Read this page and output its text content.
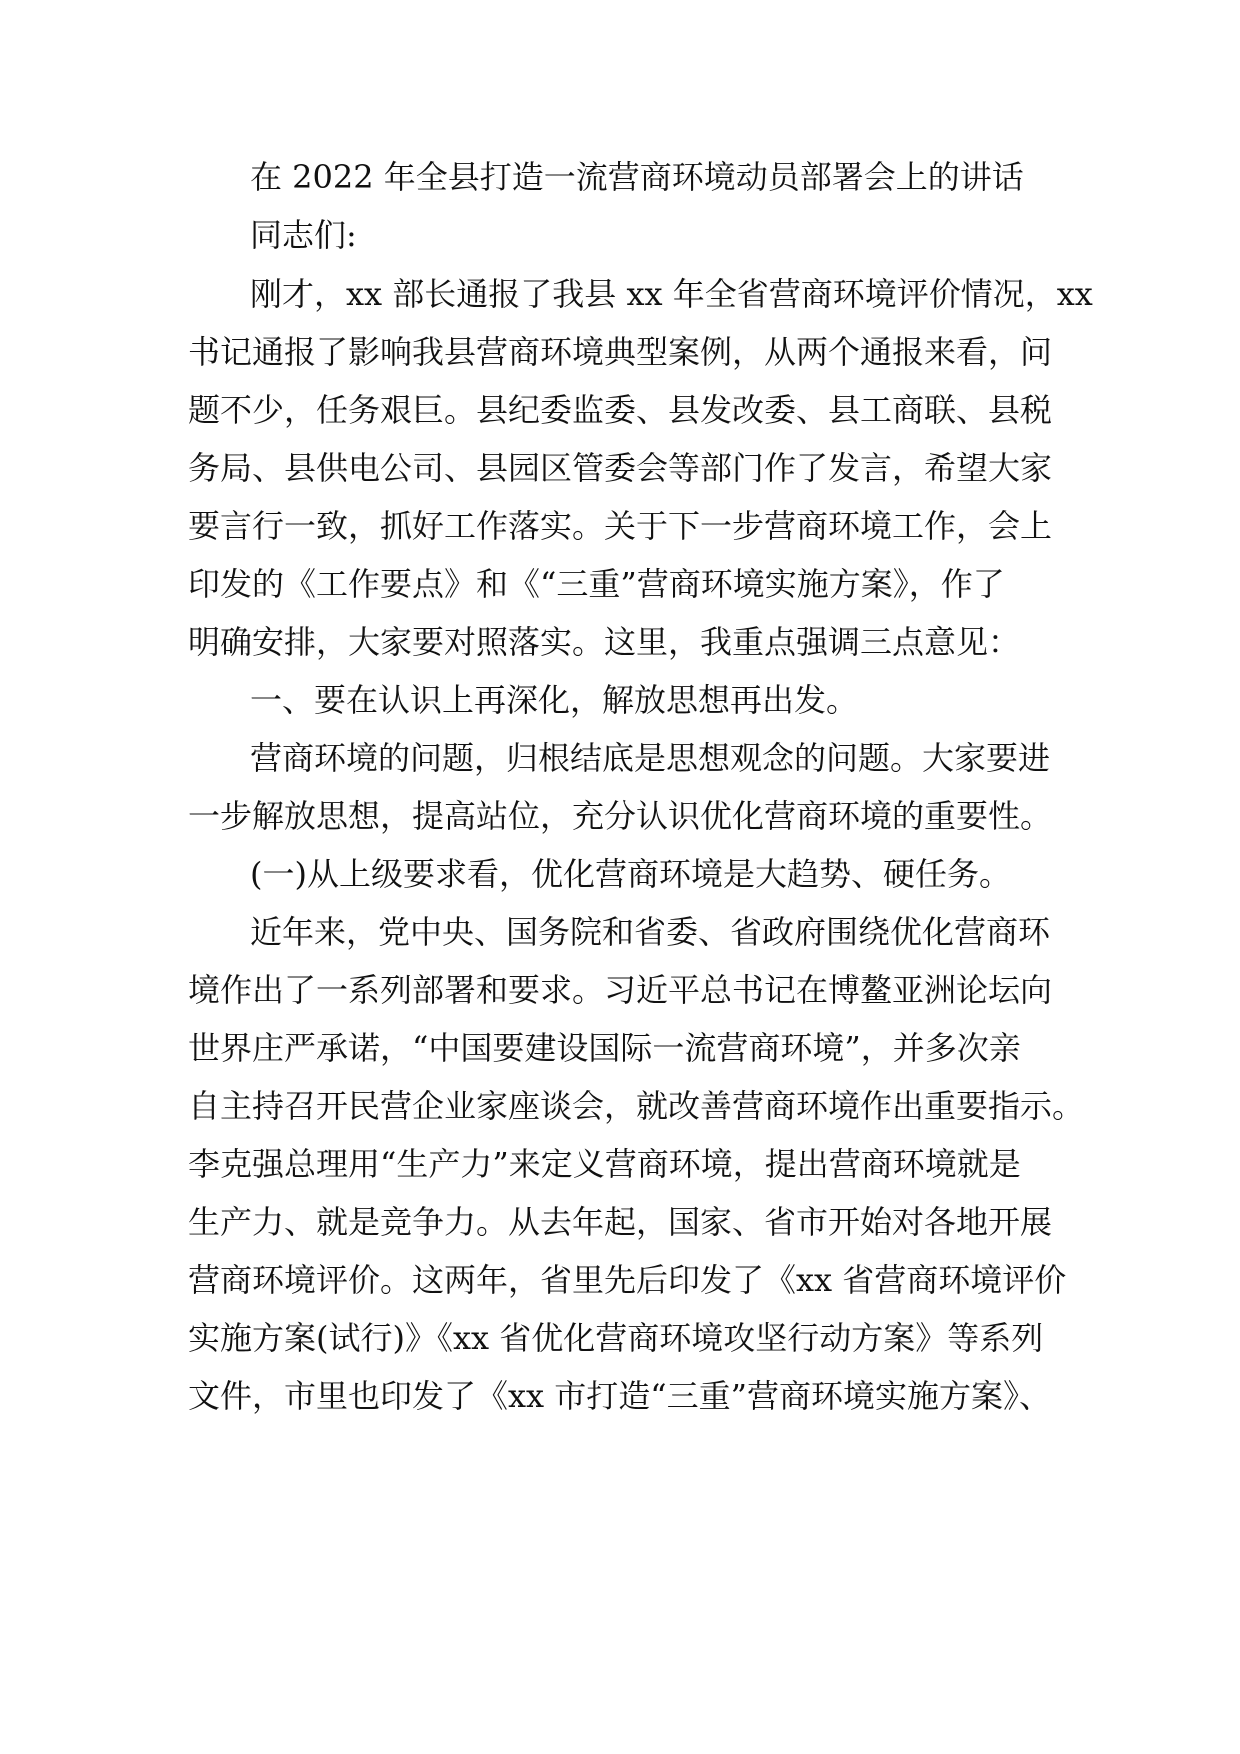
在 2022 年全县打造一流营商环境动员部署会上的讲话
同志们:
刚才，xx 部长通报了我县 xx 年全省营商环境评价情况，xx
书记通报了影响我县营商环境典型案例，从两个通报来看，问
题不少，任务艰巨。县纪委监委、县发改委、县工商联、县税
务局、县供电公司、县园区管委会等部门作了发言，希望大家
要言行一致，抓好工作落实。关于下一步营商环境工作，会上
印发的《工作要点》和《“三重”营商环境实施方案》，作了
明确安排，大家要对照落实。这里，我重点强调三点意见：
一、要在认识上再深化，解放思想再出发。
营商环境的问题，归根结底是思想观念的问题。大家要进
一步解放思想，提高站位，充分认识优化营商环境的重要性。
(一)从上级要求看，优化营商环境是大趋势、硬任务。
近年来，党中央、国务院和省委、省政府围绕优化营商环
境作出了一系列部署和要求。习近平总书记在博鳌亚洲论坛向
世界庄严承诺，“中国要建设国际一流营商环境”，并多次亲
自主持召开民营企业家座谈会，就改善营商环境作出重要指示。
李克强总理用“生产力”来定义营商环境，提出营商环境就是
生产力、就是竞争力。从去年起，国家、省市开始对各地开展
营商环境评价。这两年，省里先后印发了《xx 省营商环境评价
实施方案(试行)》《xx 省优化营商环境攻坚行动方案》等系列
文件，市里也印发了《xx 市打造“三重”营商环境实施方案》、
